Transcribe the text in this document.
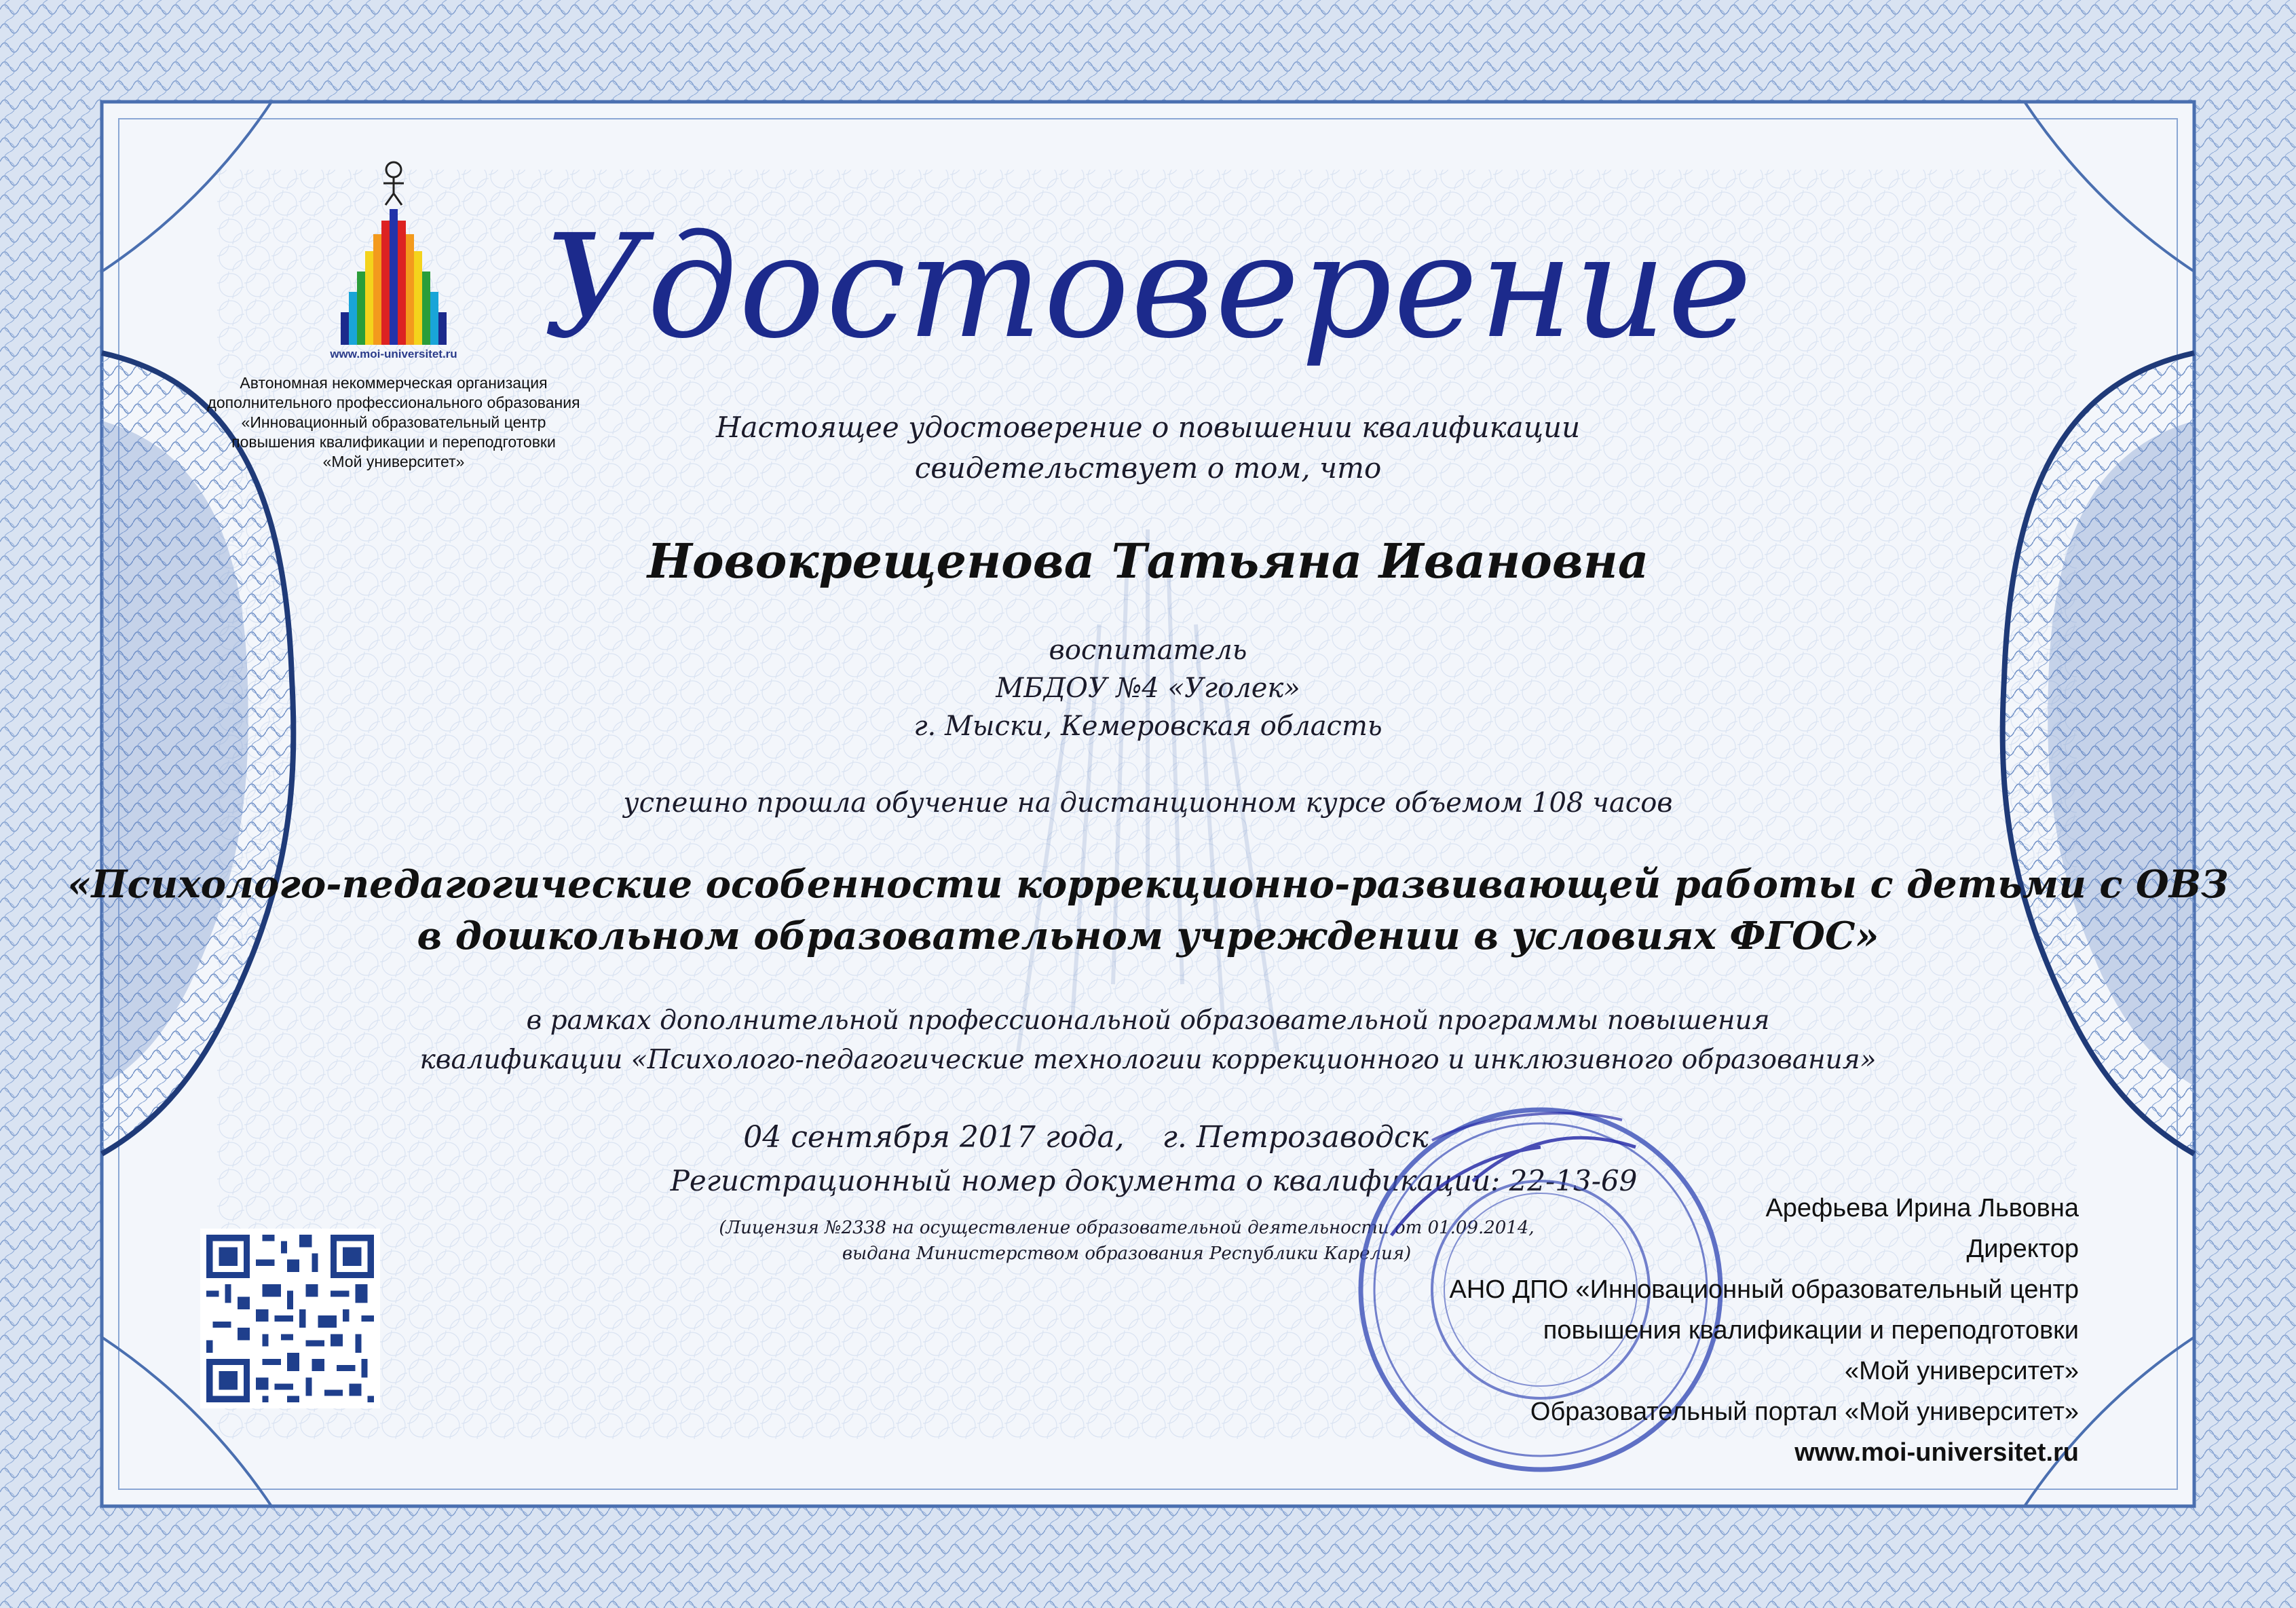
www.moi-universitet.ru
Автономная некоммерческая организация
дополнительного профессионального образования
«Инновационный образовательный центр
повышения квалификации и переподготовки
«Мой университет»
Удостоверение
Настоящее удостоверение о повышении квалификации
свидетельствует о том, что
Новокрещенова Татьяна Ивановна
воспитатель
МБДОУ №4 «Уголек»
г. Мыски, Кемеровская область
успешно прошла обучение на дистанционном курсе объемом 108 часов
«Психолого-педагогические особенности коррекционно-развивающей работы с детьми с ОВЗ
в дошкольном образовательном учреждении в условиях ФГОС»
в рамках дополнительной профессиональной образовательной программы повышения
квалификации «Психолого-педагогические технологии коррекционного и инклюзивного образования»
04 сентября 2017 года,    г. Петрозаводск
Регистрационный номер документа о квалификации: 22-13-69
(Лицензия №2338 на осуществление образовательной деятельности от 01.09.2014,
выдана Министерством образования Республики Карелия)
Арефьева Ирина Львовна
Директор
АНО ДПО «Инновационный образовательный центр
повышения квалификации и переподготовки
«Мой университет»
Образовательный портал «Мой университет»
www.moi-universitet.ru
